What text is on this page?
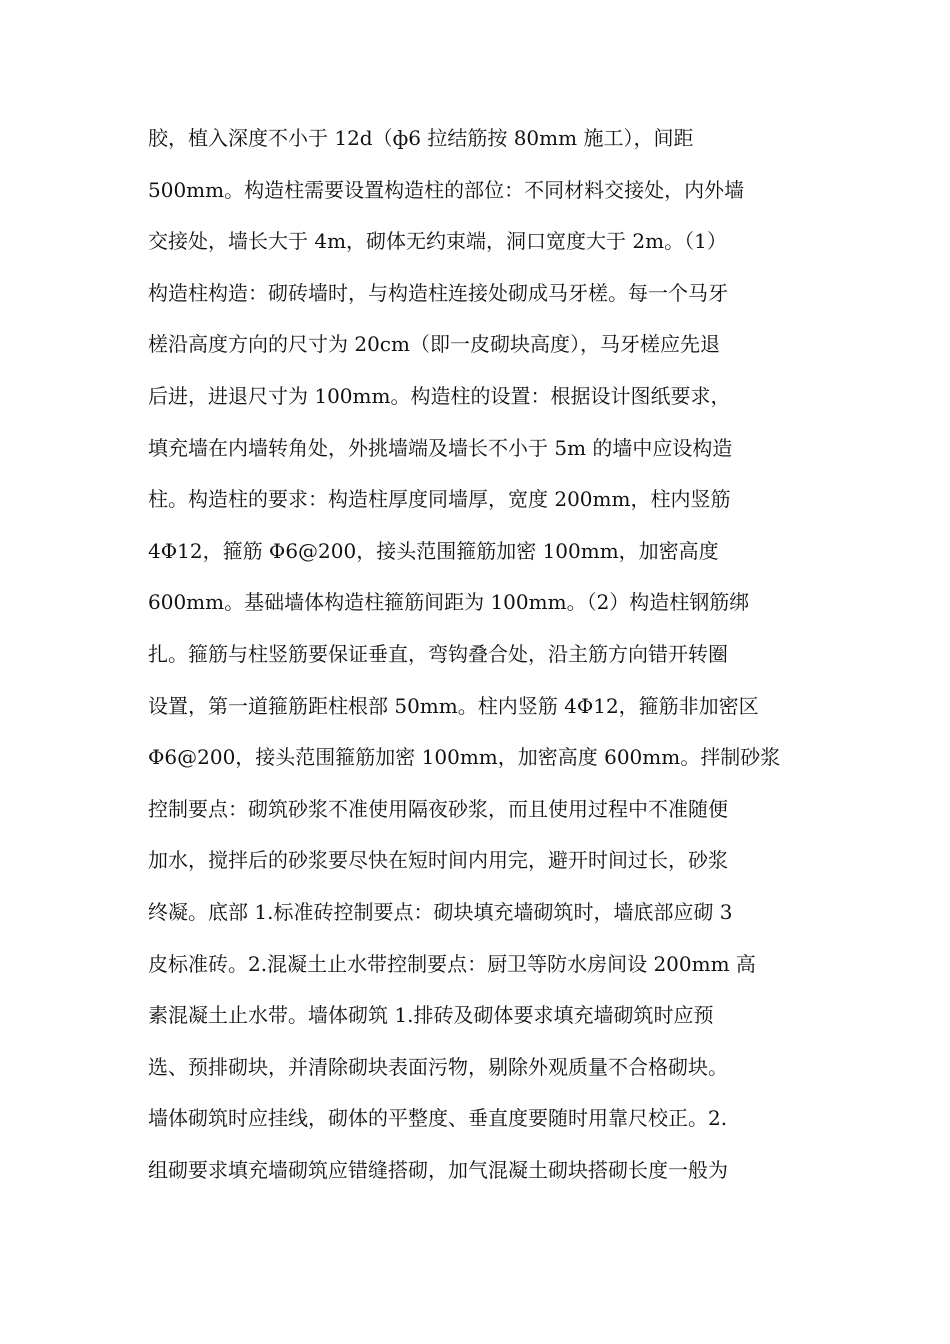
胶，植入深度不小于 12d（ф6 拉结筋按 80mm 施工），间距
500mm。构造柱需要设置构造柱的部位：不同材料交接处，内外墙
交接处，墙长大于 4m，砌体无约束端，洞口宽度大于 2m。（1）
构造柱构造：砌砖墙时，与构造柱连接处砌成马牙槎。每一个马牙
槎沿高度方向的尺寸为 20cm（即一皮砌块高度），马牙槎应先退
后进，进退尺寸为 100mm。构造柱的设置：根据设计图纸要求，
填充墙在内墙转角处，外挑墙端及墙长不小于 5m 的墙中应设构造
柱。构造柱的要求：构造柱厚度同墙厚，宽度 200mm，柱内竖筋
4Φ12，箍筋 Φ6@200，接头范围箍筋加密 100mm，加密高度
600mm。基础墙体构造柱箍筋间距为 100mm。（2）构造柱钢筋绑
扎。箍筋与柱竖筋要保证垂直，弯钩叠合处，沿主筋方向错开转圈
设置，第一道箍筋距柱根部 50mm。柱内竖筋 4Φ12，箍筋非加密区
Φ6@200，接头范围箍筋加密 100mm，加密高度 600mm。拌制砂浆
控制要点：砌筑砂浆不准使用隔夜砂浆，而且使用过程中不准随便
加水，搅拌后的砂浆要尽快在短时间内用完，避开时间过长，砂浆
终凝。底部 1.标准砖控制要点：砌块填充墙砌筑时，墙底部应砌 3
皮标准砖。2.混凝土止水带控制要点：厨卫等防水房间设 200mm 高
素混凝土止水带。墙体砌筑 1.排砖及砌体要求填充墙砌筑时应预
选、预排砌块，并清除砌块表面污物，剔除外观质量不合格砌块。
墙体砌筑时应挂线，砌体的平整度、垂直度要随时用靠尺校正。2.
组砌要求填充墙砌筑应错缝搭砌，加气混凝土砌块搭砌长度一般为
